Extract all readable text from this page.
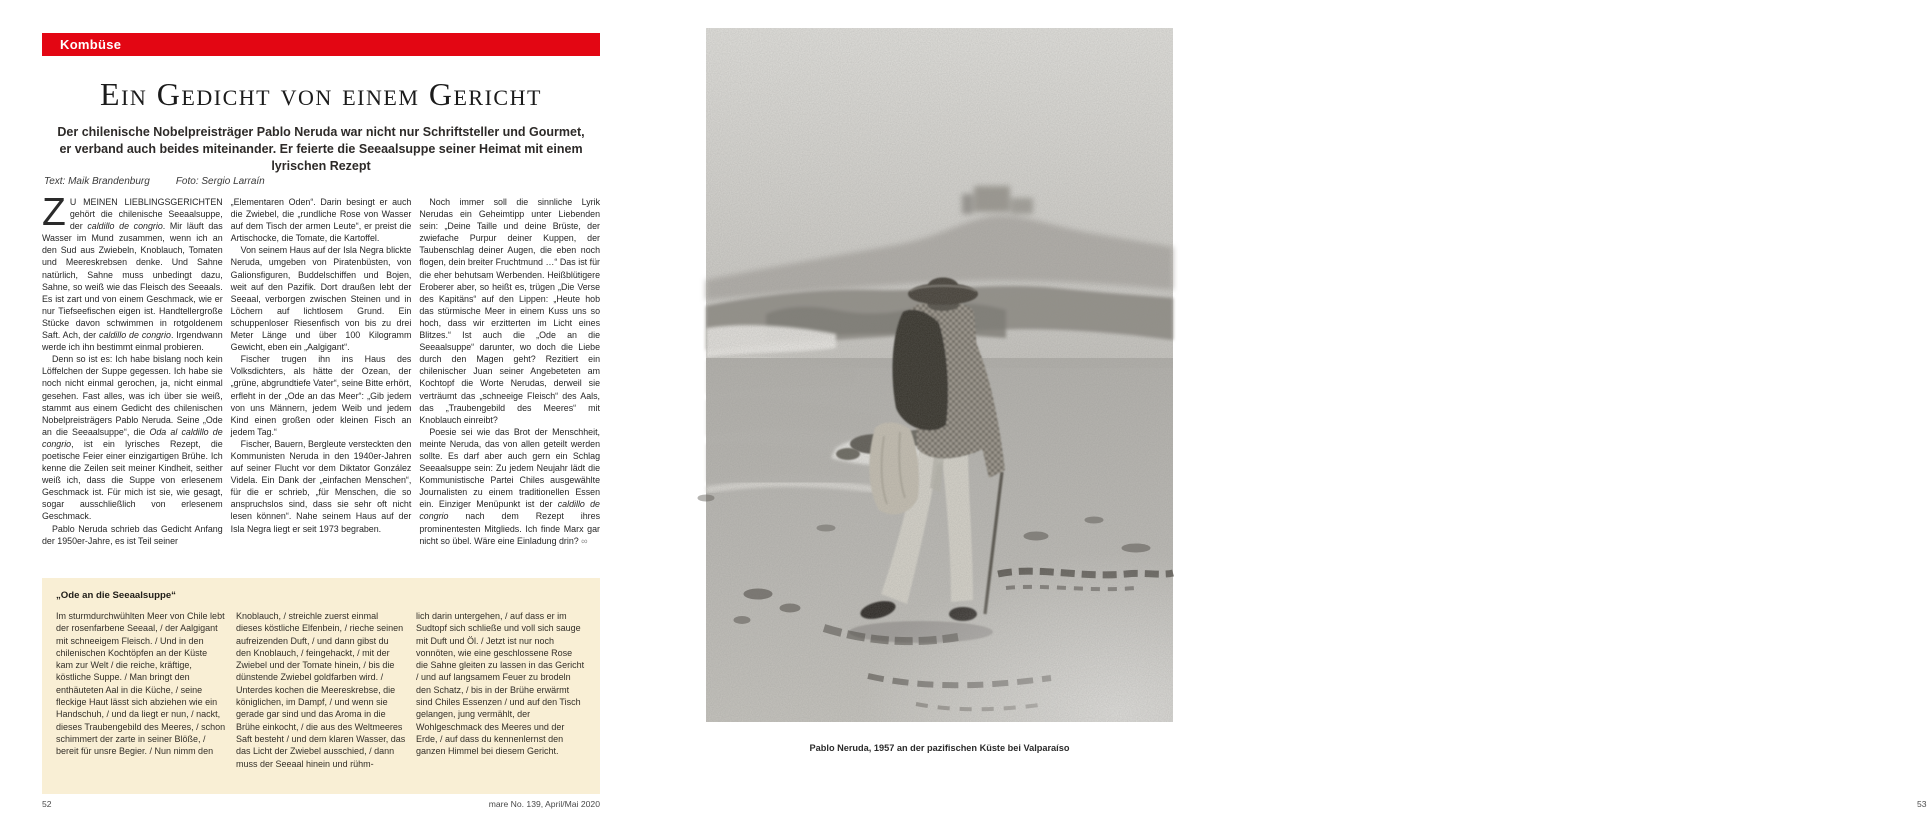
Kombüse
Ein Gedicht von einem Gericht

Der chilenische Nobelpreisträger Pablo Neruda war nicht nur Schriftsteller und Gourmet, er verband auch beides miteinander. Er feierte die Seeaalsuppe seiner Heimat mit einem lyrischen Rezept

Text: Maik Brandenburg	Foto: Sergio Larraín

Z U MEINEN LIEBLINGSGERICHTEN gehört die chilenische Seeaalsuppe, der caldillo de congrio. Mir läuft das Wasser im Mund zusammen, wenn ich an den Sud aus Zwiebeln, Knoblauch, Tomaten und Meereskrebsen denke. Und Sahne natürlich, Sahne muss unbedingt dazu, Sahne, so weiß wie das Fleisch des Seeaals. Es ist zart und von einem Geschmack, wie er nur Tiefseefischen eigen ist. Handtellergroße Stücke davon schwimmen in rotgoldenem Saft. Ach, der caldillo de congrio. Irgendwann werde ich ihn bestimmt einmal probieren.

Denn so ist es: Ich habe bislang noch kein Löffelchen der Suppe gegessen. Ich habe sie noch nicht einmal gerochen, ja, nicht einmal gesehen. Fast alles, was ich über sie weiß, stammt aus einem Gedicht des chilenischen Nobelpreisträgers Pablo Neruda. Seine „Ode an die Seeaalsuppe“, die Oda al caldillo de congrio, ist ein lyrisches Rezept, die poetische Feier einer einzigartigen Brühe. Ich kenne die Zeilen seit meiner Kindheit, seither weiß ich, dass die Suppe von erlesenem Geschmack ist. Für mich ist sie, wie gesagt, sogar ausschließlich von erlesenem Geschmack.

Pablo Neruda schrieb das Gedicht Anfang der 1950er-Jahre, es ist Teil seiner

„Elementaren Oden“. Darin besingt er auch die Zwiebel, die „rundliche Rose von Wasser auf dem Tisch der armen Leute“, er preist die Artischocke, die Tomate, die Kartoffel.

Von seinem Haus auf der Isla Negra blickte Neruda, umgeben von Piratenbüsten, von Galionsfiguren, Buddelschiffen und Bojen, weit auf den Pazifik. Dort draußen lebt der Seeaal, verborgen zwischen Steinen und in Löchern auf lichtlosem Grund. Ein schuppenloser Riesenfisch von bis zu drei Meter Länge und über 100 Kilogramm Gewicht, eben ein „Aalgigant“.

Fischer trugen ihn ins Haus des Volksdichters, als hätte der Ozean, der „grüne, abgrundtiefe Vater“, seine Bitte erhört, erfleht in der „Ode an das Meer“: „Gib jedem von uns Männern, jedem Weib und jedem Kind einen großen oder kleinen Fisch an jedem Tag.“

Fischer, Bauern, Bergleute versteckten den Kommunisten Neruda in den 1940er-Jahren auf seiner Flucht vor dem Diktator González Videla. Ein Dank der „einfachen Menschen“, für die er schrieb, „für Menschen, die so anspruchslos sind, dass sie sehr oft nicht lesen können“. Nahe seinem Haus auf der Isla Negra liegt er seit 1973 begraben.

Noch immer soll die sinnliche Lyrik Nerudas ein Geheimtipp unter Liebenden sein: „Deine Taille und deine Brüste, der zwiefache Purpur deiner Kuppen, der Taubenschlag deiner Augen, die eben noch flogen, dein breiter Fruchtmund …“ Das ist für die eher behutsam Werbenden. Heißblütigere Eroberer aber, so heißt es, trügen „Die Verse des Kapitäns“ auf den Lippen: „Heute hob das stürmische Meer in einem Kuss uns so hoch, dass wir erzitterten im Licht eines Blitzes.“ Ist auch die „Ode an die Seeaalsuppe“ darunter, wo doch die Liebe durch den Magen geht? Rezitiert ein chilenischer Juan seiner Angebeteten am Kochtopf die Worte Nerudas, derweil sie verträumt das „schneeige Fleisch“ des Aals, das „Traubengebild des Meeres“ mit Knoblauch einreibt?

Poesie sei wie das Brot der Menschheit, meinte Neruda, das von allen geteilt werden sollte. Es darf aber auch gern ein Schlag Seeaalsuppe sein: Zu jedem Neujahr lädt die Kommunistische Partei Chiles ausgewählte Journalisten zu einem traditionellen Essen ein. Einziger Menüpunkt ist der caldillo de congrio nach dem Rezept ihres prominentesten Mitglieds. Ich finde Marx gar nicht so übel. Wäre eine Einladung drin? ∞

„Ode an die Seeaalsuppe“
Im sturmdurchwühlten Meer von Chile lebt der rosenfarbene Seeaal, / der Aalgigant mit schneeigem Fleisch. / Und in den chilenischen Kochtöpfen an der Küste kam zur Welt / die reiche, kräftige, köstliche Suppe. / Man bringt den enthäuteten Aal in die Küche, / seine fleckige Haut lässt sich abziehen wie ein Handschuh, / und da liegt er nun, / nackt, dieses Traubengebild des Meeres, / schon schimmert der zarte in seiner Blöße, / bereit für unsre Begier. / Nun nimm den
Knoblauch, / streichle zuerst einmal dieses köstliche Elfenbein, / rieche seinen aufreizenden Duft, / und dann gibst du den Knoblauch, / feingehackt, / mit der Zwiebel und der Tomate hinein, / bis die dünstende Zwiebel goldfarben wird. / Unterdes kochen die Meereskrebse, die königlichen, im Dampf, / und wenn sie gerade gar sind und das Aroma in die Brühe einkocht, / die aus des Weltmeeres Saft besteht / und dem klaren Wasser, das das Licht der Zwiebel ausschied, / dann muss der Seeaal hinein und rühm-
lich darin untergehen, / auf dass er im Sudtopf sich schließe und voll sich sauge mit Duft und Öl. / Jetzt ist nur noch vonnöten, wie eine geschlossene Rose die Sahne gleiten zu lassen in das Gericht / und auf langsamem Feuer zu brodeln den Schatz, / bis in der Brühe erwärmt sind Chiles Essenzen / und auf den Tisch gelangen, jung vermählt, der Wohlgeschmack des Meeres und der Erde, / auf dass du kennenlernst den ganzen Himmel bei diesem Gericht.
52	mare No. 139, April/Mai 2020
Pablo Neruda, 1957 an der pazifischen Küste bei Valparaíso
53
